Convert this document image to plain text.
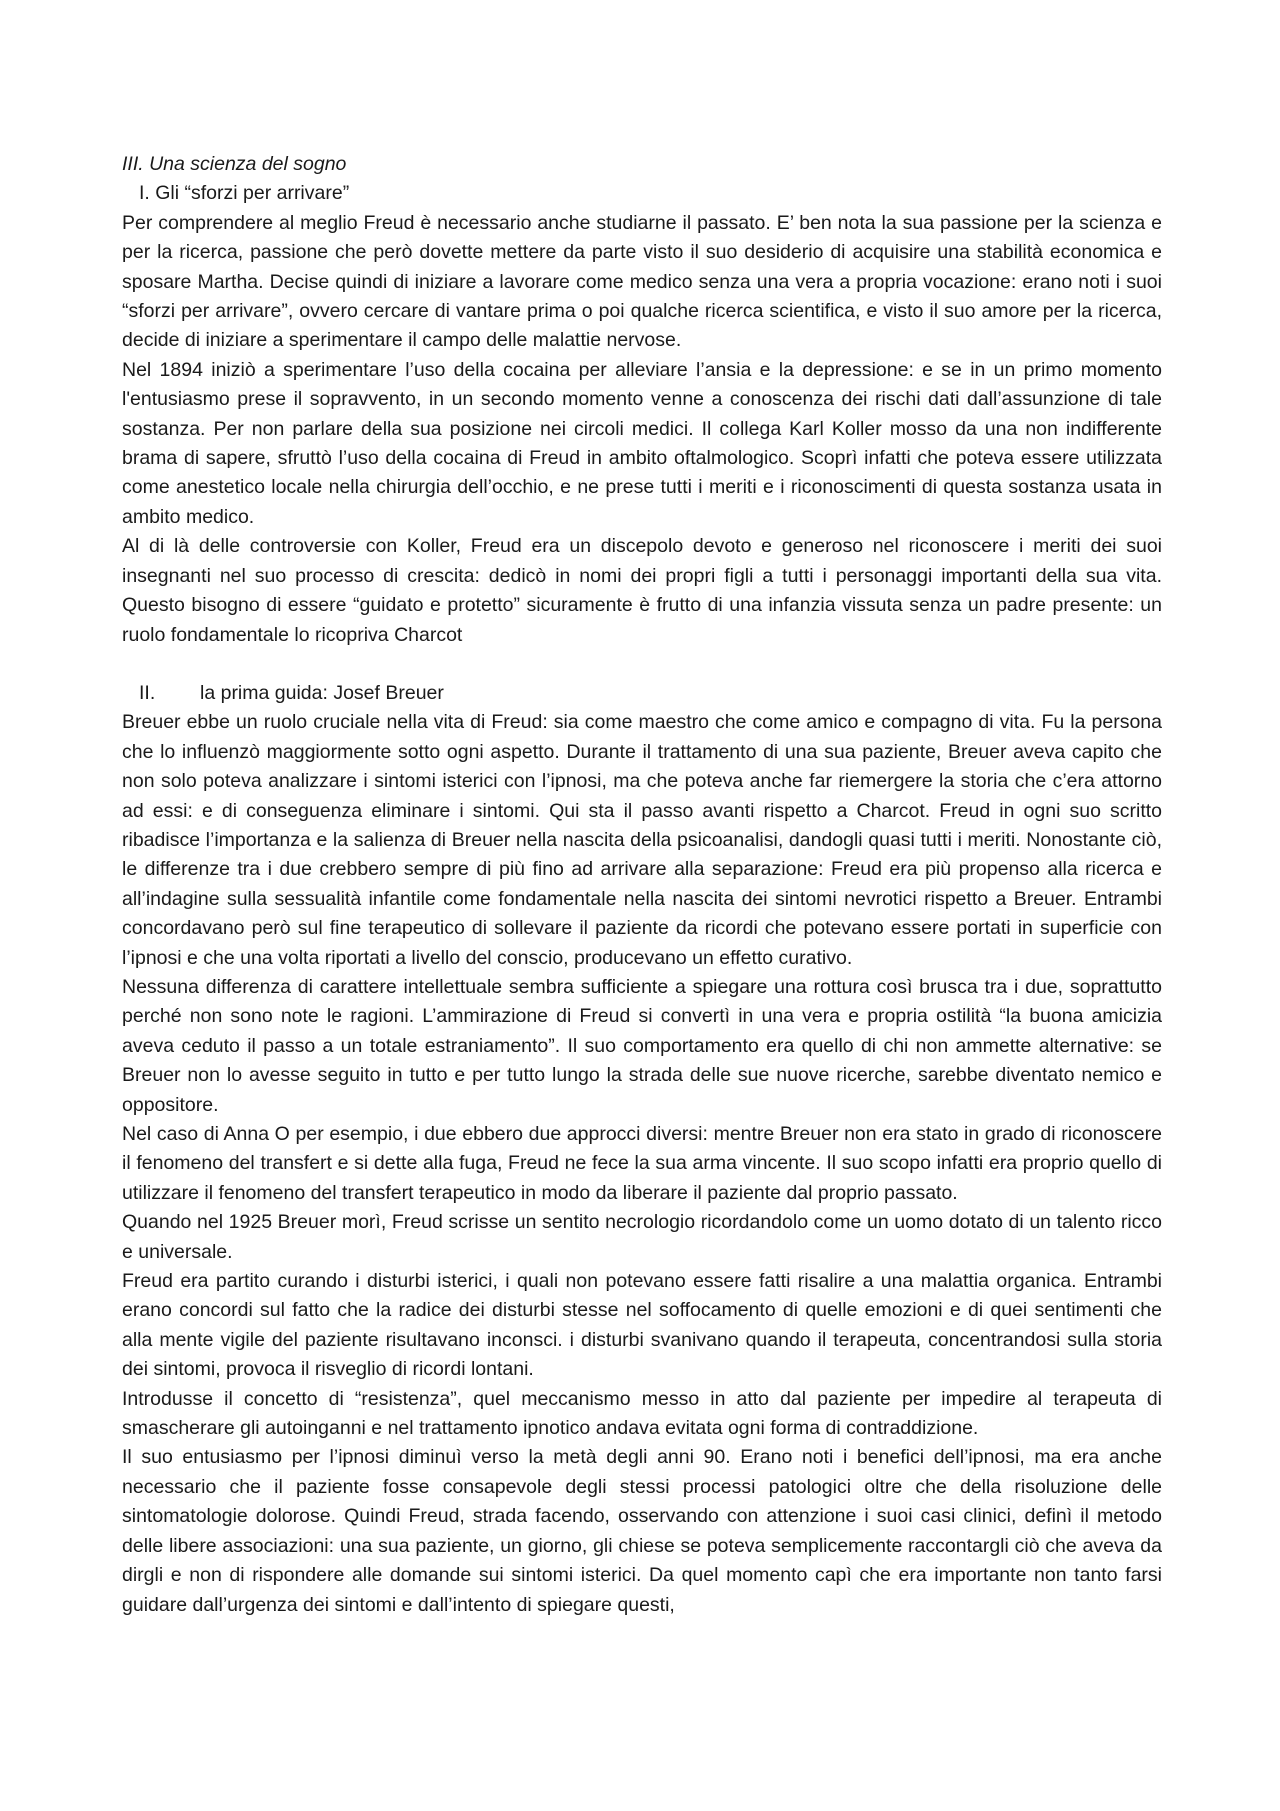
III. Una scienza del sogno

I. Gli “sforzi per arrivare”

Per comprendere al meglio Freud è necessario anche studiarne il passato. E’ ben nota la sua passione per la scienza e per la ricerca, passione che però dovette mettere da parte visto il suo desiderio di acquisire una stabilità economica e sposare Martha. Decise quindi di iniziare a lavorare come medico senza una vera a propria vocazione: erano noti i suoi “sforzi per arrivare”, ovvero cercare di vantare prima o poi qualche ricerca scientifica, e visto il suo amore per la ricerca, decide di iniziare a sperimentare il campo delle malattie nervose.

Nel 1894 iniziò a sperimentare l’uso della cocaina per alleviare l’ansia e la depressione: e se in un primo momento l'entusiasmo prese il sopravvento, in un secondo momento venne a conoscenza dei rischi dati dall’assunzione di tale sostanza. Per non parlare della sua posizione nei circoli medici. Il collega Karl Koller mosso da una non indifferente brama di sapere, sfruttò l’uso della cocaina di Freud in ambito oftalmologico. Scoprì infatti che poteva essere utilizzata come anestetico locale nella chirurgia dell’occhio, e ne prese tutti i meriti e i riconoscimenti di questa sostanza usata in ambito medico.

Al di là delle controversie con Koller, Freud era un discepolo devoto e generoso nel riconoscere i meriti dei suoi insegnanti nel suo processo di crescita: dedicò in nomi dei propri figli a tutti i personaggi importanti della sua vita. Questo bisogno di essere “guidato e protetto” sicuramente è frutto di una infanzia vissuta senza un padre presente: un ruolo fondamentale lo ricopriva Charcot

II. la prima guida: Josef Breuer

Breuer ebbe un ruolo cruciale nella vita di Freud: sia come maestro che come amico e compagno di vita. Fu la persona che lo influenzò maggiormente sotto ogni aspetto. Durante il trattamento di una sua paziente, Breuer aveva capito che non solo poteva analizzare i sintomi isterici con l’ipnosi, ma che poteva anche far riemergere la storia che c’era attorno ad essi: e di conseguenza eliminare i sintomi. Qui sta il passo avanti rispetto a Charcot. Freud in ogni suo scritto ribadisce l’importanza e la salienza di Breuer nella nascita della psicoanalisi, dandogli quasi tutti i meriti. Nonostante ciò, le differenze tra i due crebbero sempre di più fino ad arrivare alla separazione: Freud era più propenso alla ricerca e all’indagine sulla sessualità infantile come fondamentale nella nascita dei sintomi nevrotici rispetto a Breuer. Entrambi concordavano però sul fine terapeutico di sollevare il paziente da ricordi che potevano essere portati in superficie con l’ipnosi e che una volta riportati a livello del conscio, producevano un effetto curativo.

Nessuna differenza di carattere intellettuale sembra sufficiente a spiegare una rottura così brusca tra i due, soprattutto perché non sono note le ragioni. L’ammirazione di Freud si convertì in una vera e propria ostilità “la buona amicizia aveva ceduto il passo a un totale estraniamento”. Il suo comportamento era quello di chi non ammette alternative: se Breuer non lo avesse seguito in tutto e per tutto lungo la strada delle sue nuove ricerche, sarebbe diventato nemico e oppositore.

Nel caso di Anna O per esempio, i due ebbero due approcci diversi: mentre Breuer non era stato in grado di riconoscere il fenomeno del transfert e si dette alla fuga, Freud ne fece la sua arma vincente. Il suo scopo infatti era proprio quello di utilizzare il fenomeno del transfert terapeutico in modo da liberare il paziente dal proprio passato.

Quando nel 1925 Breuer morì, Freud scrisse un sentito necrologio ricordandolo come un uomo dotato di un talento ricco e universale.

Freud era partito curando i disturbi isterici, i quali non potevano essere fatti risalire a una malattia organica. Entrambi erano concordi sul fatto che la radice dei disturbi stesse nel soffocamento di quelle emozioni e di quei sentimenti che alla mente vigile del paziente risultavano inconsci. i disturbi svanivano quando il terapeuta, concentrandosi sulla storia dei sintomi, provoca il risveglio di ricordi lontani.

Introdusse il concetto di “resistenza”, quel meccanismo messo in atto dal paziente per impedire al terapeuta di smascherare gli autoinganni e nel trattamento ipnotico andava evitata ogni forma di contraddizione.

Il suo entusiasmo per l’ipnosi diminuì verso la metà degli anni 90. Erano noti i benefici dell’ipnosi, ma era anche necessario che il paziente fosse consapevole degli stessi processi patologici oltre che della risoluzione delle sintomatologie dolorose. Quindi Freud, strada facendo, osservando con attenzione i suoi casi clinici, definì il metodo delle libere associazioni: una sua paziente, un giorno, gli chiese se poteva semplicemente raccontargli ciò che aveva da dirgli e non di rispondere alle domande sui sintomi isterici. Da quel momento capì che era importante non tanto farsi guidare dall’urgenza dei sintomi e dall’intento di spiegare questi,
